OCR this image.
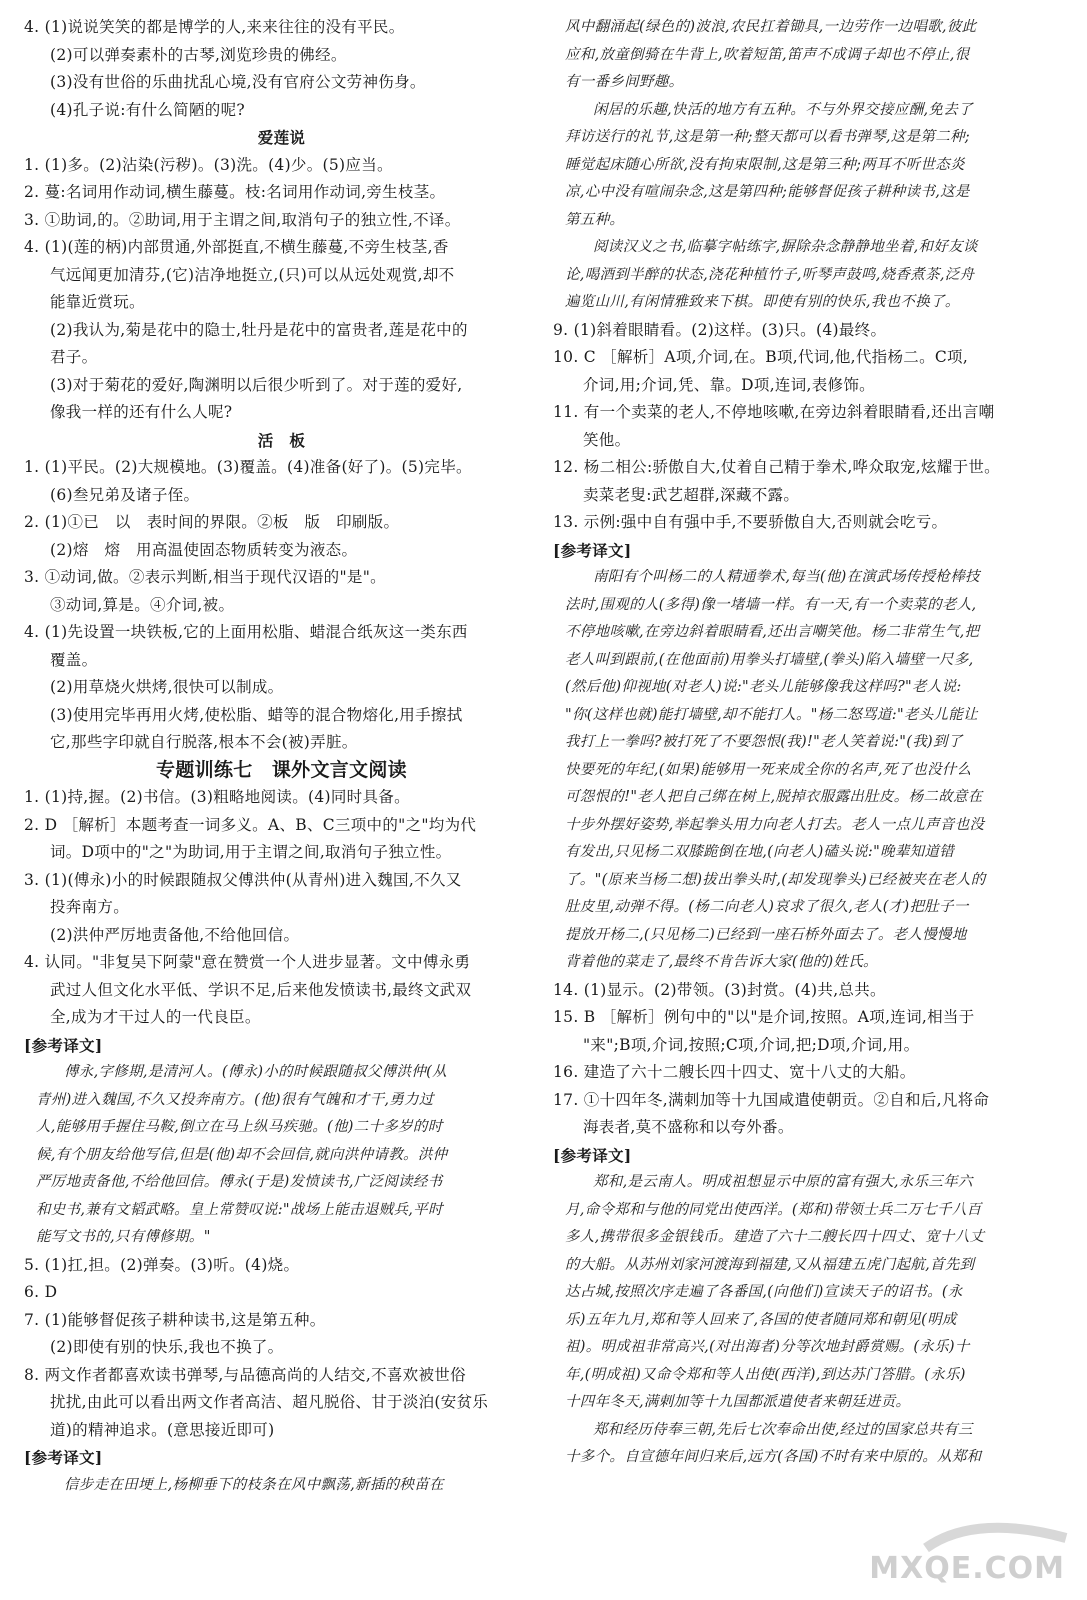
4. (1)说说笑笑的都是博学的人,来来往往的没有平民。
(2)可以弹奏素朴的古琴,浏览珍贵的佛经。
(3)没有世俗的乐曲扰乱心境,没有官府公文劳神伤身。
(4)孔子说:有什么简陋的呢?
爱莲说
1. (1)多。(2)沾染(污秽)。(3)洗。(4)少。(5)应当。
2. 蔓:名词用作动词,横生藤蔓。枝:名词用作动词,旁生枝茎。
3. ①助词,的。②助词,用于主谓之间,取消句子的独立性,不译。
4. (1)(莲的柄)内部贯通,外部挺直,不横生藤蔓,不旁生枝茎,香
气远闻更加清芬,(它)洁净地挺立,(只)可以从远处观赏,却不
能靠近赏玩。
(2)我认为,菊是花中的隐士,牡丹是花中的富贵者,莲是花中的
君子。
(3)对于菊花的爱好,陶渊明以后很少听到了。对于莲的爱好,
像我一样的还有什么人呢?
活　板
1. (1)平民。(2)大规模地。(3)覆盖。(4)准备(好了)。(5)完毕。
(6)叁兄弟及诸子侄。
2. (1)①已　以　表时间的界限。②板　版　印刷版。
(2)熔　熔　用高温使固态物质转变为液态。
3. ①动词,做。②表示判断,相当于现代汉语的"是"。
③动词,算是。④介词,被。
4. (1)先设置一块铁板,它的上面用松脂、蜡混合纸灰这一类东西
覆盖。
(2)用草烧火烘烤,很快可以制成。
(3)使用完毕再用火烤,使松脂、蜡等的混合物熔化,用手擦拭
它,那些字印就自行脱落,根本不会(被)弄脏。
专题训练七　课外文言文阅读
1. (1)持,握。(2)书信。(3)粗略地阅读。(4)同时具备。
2. D ［解析］本题考查一词多义。A、B、C三项中的"之"均为代
词。D项中的"之"为助词,用于主谓之间,取消句子独立性。
3. (1)(傅永)小的时候跟随叔父傅洪仲(从青州)进入魏国,不久又
投奔南方。
(2)洪仲严厉地责备他,不给他回信。
4. 认同。"非复吴下阿蒙"意在赞赏一个人进步显著。文中傅永勇
武过人但文化水平低、学识不足,后来他发愤读书,最终文武双
全,成为才干过人的一代良臣。
[参考译文]
傅永,字修期,是清河人。(傅永)小的时候跟随叔父傅洪仲(从
青州)进入魏国,不久又投奔南方。(他)很有气魄和才干,勇力过
人,能够用手握住马鞍,倒立在马上纵马疾驰。(他)二十多岁的时
候,有个朋友给他写信,但是(他)却不会回信,就向洪仲请教。洪仲
严厉地责备他,不给他回信。傅永(于是)发愤读书,广泛阅读经书
和史书,兼有文韬武略。皇上常赞叹说:"战场上能击退贼兵,平时
能写文书的,只有傅修期。"
5. (1)扛,担。(2)弹奏。(3)听。(4)烧。
6. D
7. (1)能够督促孩子耕种读书,这是第五种。
(2)即使有别的快乐,我也不换了。
8. 两文作者都喜欢读书弹琴,与品德高尚的人结交,不喜欢被世俗
扰扰,由此可以看出两文作者高洁、超凡脱俗、甘于淡泊(安贫乐
道)的精神追求。(意思接近即可)
[参考译文]
信步走在田埂上,杨柳垂下的枝条在风中飘荡,新插的秧苗在
风中翻涌起(绿色的)波浪,农民扛着锄具,一边劳作一边唱歌,彼此
应和,放童倒骑在牛背上,吹着短笛,笛声不成调子却也不停止,很
有一番乡间野趣。
闲居的乐趣,快活的地方有五种。不与外界交接应酬,免去了
拜访送行的礼节,这是第一种;整天都可以看书弹琴,这是第二种;
睡觉起床随心所欲,没有拘束限制,这是第三种;两耳不听世态炎
凉,心中没有喧闹杂念,这是第四种;能够督促孩子耕种读书,这是
第五种。
阅读汉义之书,临摹字帖练字,摒除杂念静静地坐着,和好友谈
论,喝酒到半醉的状态,浇花种植竹子,听琴声鼓鸣,烧香煮茶,泛舟
遍览山川,有闲情雅致来下棋。即使有别的快乐,我也不换了。
9. (1)斜着眼睛看。(2)这样。(3)只。(4)最终。
10. C ［解析］A项,介词,在。B项,代词,他,代指杨二。C项,
介词,用;介词,凭、靠。D项,连词,表修饰。
11. 有一个卖菜的老人,不停地咳嗽,在旁边斜着眼睛看,还出言嘲
笑他。
12. 杨二相公:骄傲自大,仗着自己精于拳术,哗众取宠,炫耀于世。
卖菜老叟:武艺超群,深藏不露。
13. 示例:强中自有强中手,不要骄傲自大,否则就会吃亏。
[参考译文]
南阳有个叫杨二的人精通拳术,每当(他)在演武场传授枪棒技
法时,围观的人(多得)像一堵墙一样。有一天,有一个卖菜的老人,
不停地咳嗽,在旁边斜着眼睛看,还出言嘲笑他。杨二非常生气,把
老人叫到跟前,(在他面前)用拳头打墙壁,(拳头)陷入墙壁一尺多,
(然后他)仰视地(对老人)说:"老头儿能够像我这样吗?"老人说:
"你(这样也就)能打墙壁,却不能打人。"杨二怒骂道:"老头儿能让
我打上一拳吗?被打死了不要怨恨(我)!"老人笑着说:"(我)到了
快要死的年纪,(如果)能够用一死来成全你的名声,死了也没什么
可怨恨的!"老人把自己绑在树上,脱掉衣服露出肚皮。杨二故意在
十步外摆好姿势,举起拳头用力向老人打去。老人一点儿声音也没
有发出,只见杨二双膝跪倒在地,(向老人)磕头说:"晚辈知道错
了。"(原来当杨二想)拔出拳头时,(却发现拳头)已经被夹在老人的
肚皮里,动弹不得。(杨二向老人)哀求了很久,老人(才)把肚子一
提放开杨二,(只见杨二)已经到一座石桥外面去了。老人慢慢地
背着他的菜走了,最终不肯告诉大家(他的)姓氏。
14. (1)显示。(2)带领。(3)封赏。(4)共,总共。
15. B ［解析］例句中的"以"是介词,按照。A项,连词,相当于
"来";B项,介词,按照;C项,介词,把;D项,介词,用。
16. 建造了六十二艘长四十四丈、宽十八丈的大船。
17. ①十四年冬,满刺加等十九国咸遣使朝贡。②自和后,凡将命
海表者,莫不盛称和以夸外番。
[参考译文]
郑和,是云南人。明成祖想显示中原的富有强大,永乐三年六
月,命令郑和与他的同党出使西洋。(郑和)带领士兵二万七千八百
多人,携带很多金银钱币。建造了六十二艘长四十四丈、宽十八丈
的大船。从苏州刘家河渡海到福建,又从福建五虎门起航,首先到
达占城,按照次序走遍了各番国,(向他们)宣读天子的诏书。(永
乐)五年九月,郑和等人回来了,各国的使者随同郑和朝见(明成
祖)。明成祖非常高兴,(对出海者)分等次地封爵赏赐。(永乐)十
年,(明成祖)又命令郑和等人出使(西洋),到达苏门答腊。(永乐)
十四年冬天,满剌加等十九国都派遣使者来朝廷进贡。
郑和经历侍奉三朝,先后七次奉命出使,经过的国家总共有三
十多个。自宣德年间归来后,远方(各国)不时有来中原的。从郑和
MXQE.COM
